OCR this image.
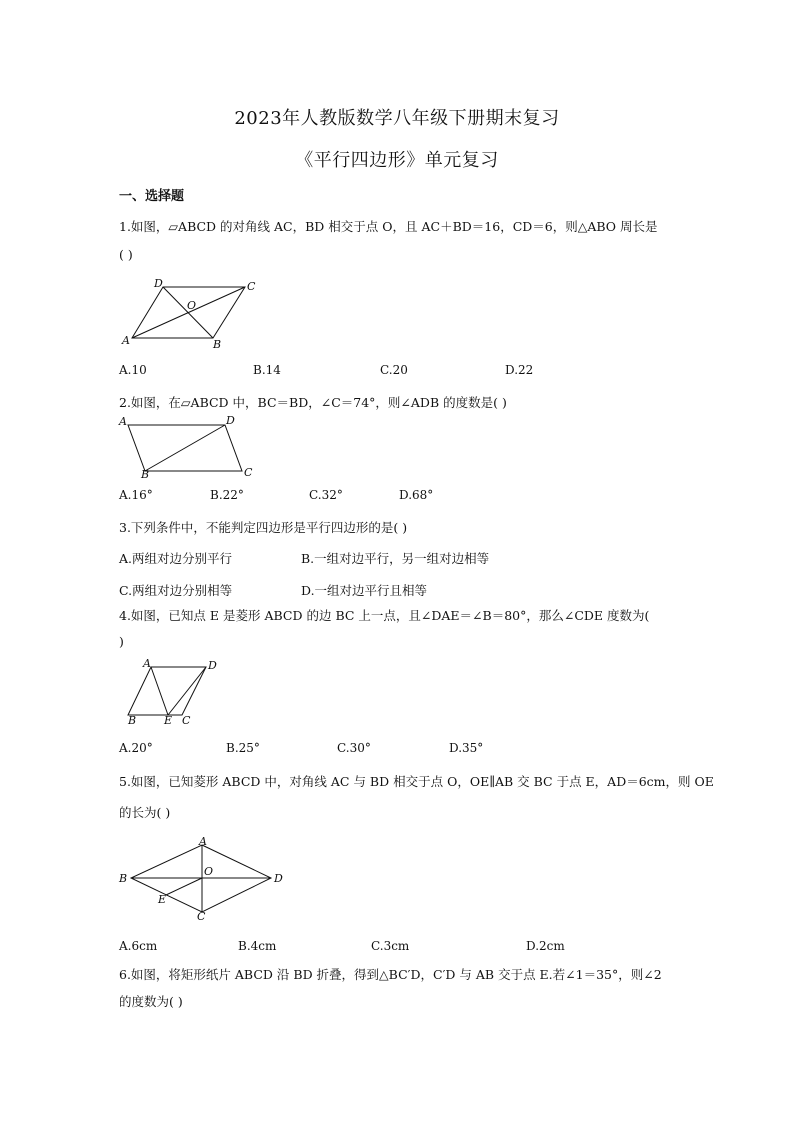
2023年人教版数学八年级下册期末复习
《平行四边形》单元复习
一、选择题
1.如图，▱ABCD 的对角线 AC，BD 相交于点 O，且 AC＋BD＝16，CD＝6，则△ABO 周长是
( )
A	B
C
D
O
A.10	B.14	C.20	D.22
2.如图，在▱ABCD 中，BC＝BD，∠C＝74°，则∠ADB 的度数是( )
A	D
B	C
A.16°	B.22°	C.32°	D.68°
3.下列条件中，不能判定四边形是平行四边形的是( )
A.两组对边分别平行	B.一组对边平行，另一组对边相等
C.两组对边分别相等	D.一组对边平行且相等
4.如图，已知点 E 是菱形 ABCD 的边 BC 上一点，且∠DAE＝∠B＝80°，那么∠CDE 度数为(
)
A	D
B	E C
A.20°	B.25°	C.30°	D.35°
5.如图，已知菱形 ABCD 中，对角线 AC 与 BD 相交于点 O，OE∥AB 交 BC 于点 E，AD＝6cm，则 OE
的长为( )
A
B	D
O
E
C
A.6cm	B.4cm	C.3cm	D.2cm
6.如图，将矩形纸片 ABCD 沿 BD 折叠，得到△BC′D，C′D 与 AB 交于点 E.若∠1＝35°，则∠2
的度数为( )
